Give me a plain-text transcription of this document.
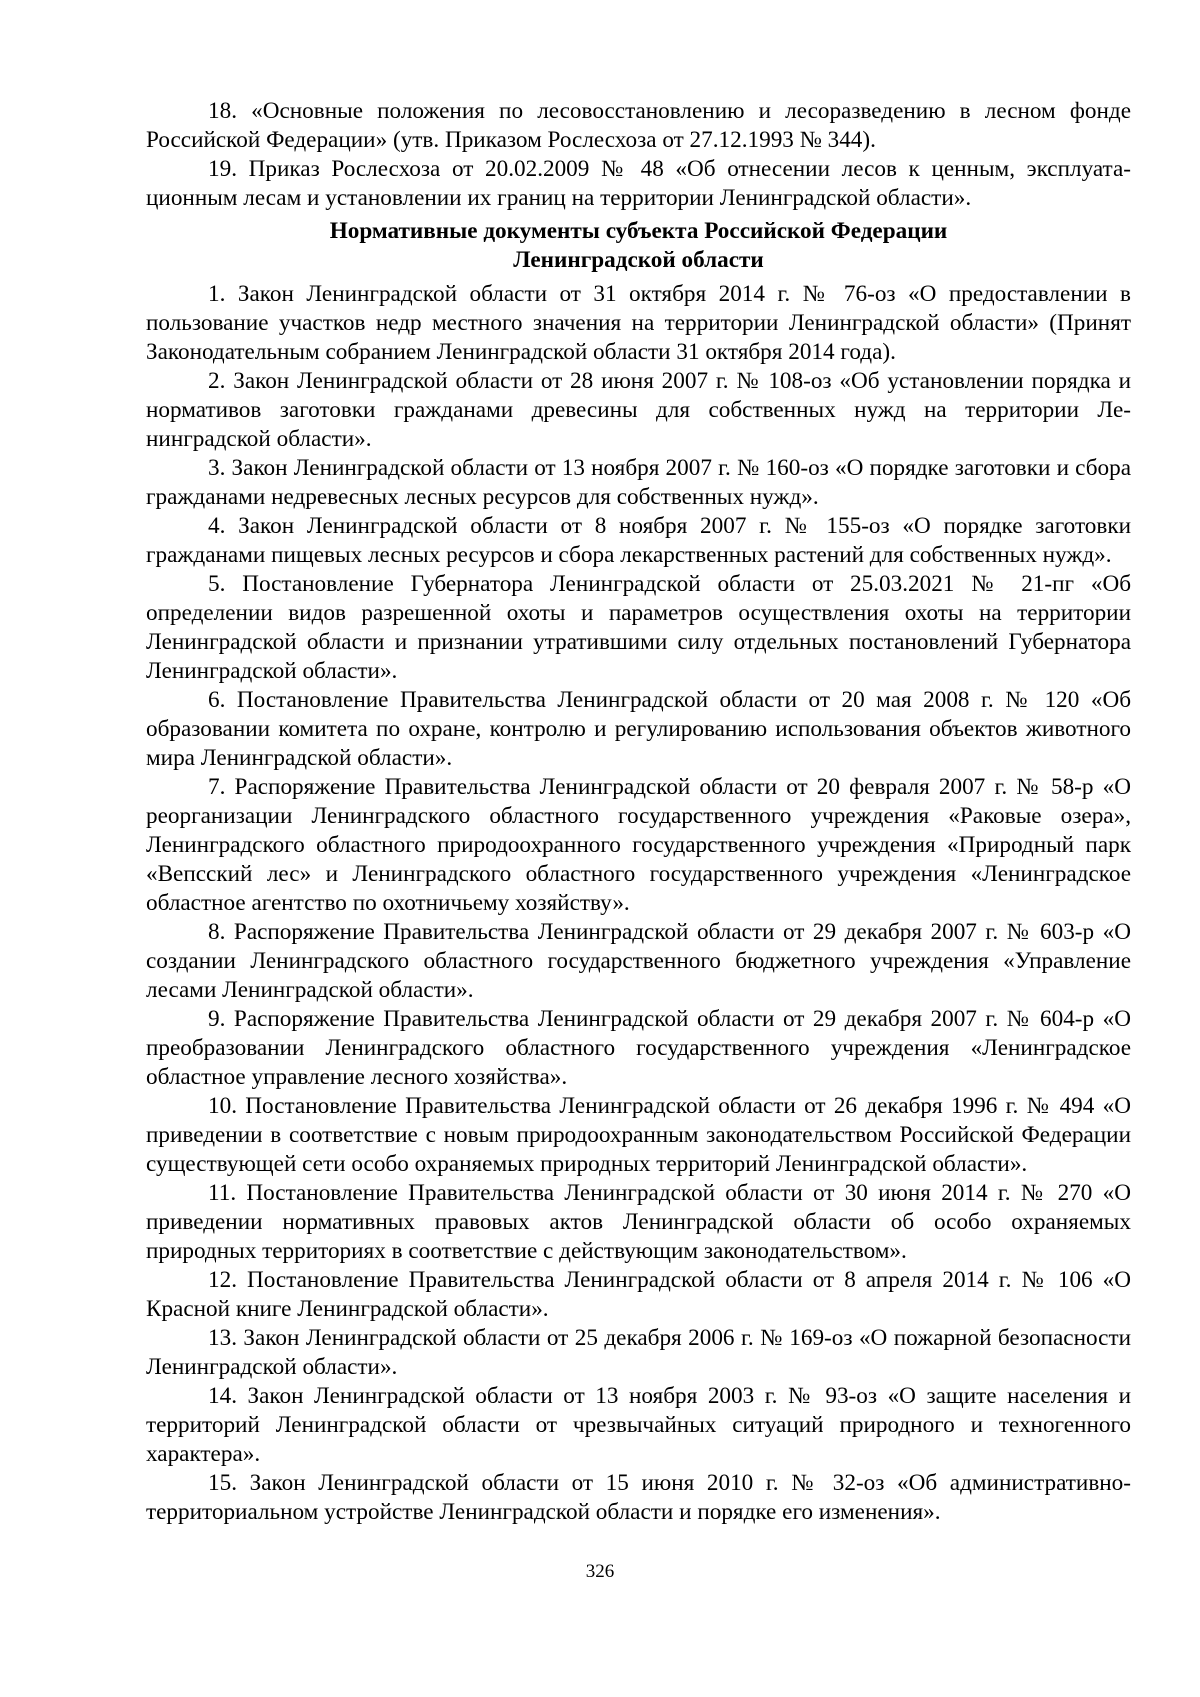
18. «Основные положения по лесовосстановлению и лесоразведению в лесном фонде Российской Федерации» (утв. Приказом Рослесхоза от 27.12.1993 № 344).

19. Приказ Рослесхоза от 20.02.2009 № 48 «Об отнесении лесов к ценным, эксплуатационным лесам и установлении их границ на территории Ленинградской области».

Нормативные документы субъекта Российской Федерации
Ленинградской области

1. Закон Ленинградской области от 31 октября 2014 г. № 76-оз «О предоставлении в пользование участков недр местного значения на территории Ленинградской области» (Принят Законодательным собранием Ленинградской области 31 октября 2014 года).

2. Закон Ленинградской области от 28 июня 2007 г. № 108-оз «Об установлении порядка и нормативов заготовки гражданами древесины для собственных нужд на территории Ленинградской области».

3. Закон Ленинградской области от 13 ноября 2007 г. № 160-оз «О порядке заготовки и сбора гражданами недревесных лесных ресурсов для собственных нужд».

4. Закон Ленинградской области от 8 ноября 2007 г. № 155-оз «О порядке заготовки гражданами пищевых лесных ресурсов и сбора лекарственных растений для собственных нужд».

5. Постановление Губернатора Ленинградской области от 25.03.2021 № 21-пг «Об определении видов разрешенной охоты и параметров осуществления охоты на территории Ленинградской области и признании утратившими силу отдельных постановлений Губернатора Ленинградской области».

6. Постановление Правительства Ленинградской области от 20 мая 2008 г. № 120 «Об образовании комитета по охране, контролю и регулированию использования объектов животного мира Ленинградской области».

7. Распоряжение Правительства Ленинградской области от 20 февраля 2007 г. № 58-р «О реорганизации Ленинградского областного государственного учреждения «Раковые озера», Ленинградского областного природоохранного государственного учреждения «Природный парк «Вепсский лес» и Ленинградского областного государственного учреждения «Ленинградское областное агентство по охотничьему хозяйству».

8. Распоряжение Правительства Ленинградской области от 29 декабря 2007 г. № 603-р «О создании Ленинградского областного государственного бюджетного учреждения «Управление лесами Ленинградской области».

9. Распоряжение Правительства Ленинградской области от 29 декабря 2007 г. № 604-р «О преобразовании Ленинградского областного государственного учреждения «Ленинградское областное управление лесного хозяйства».

10. Постановление Правительства Ленинградской области от 26 декабря 1996 г. № 494 «О приведении в соответствие с новым природоохранным законодательством Российской Федерации существующей сети особо охраняемых природных территорий Ленинградской области».

11. Постановление Правительства Ленинградской области от 30 июня 2014 г. № 270 «О приведении нормативных правовых актов Ленинградской области об особо охраняемых природных территориях в соответствие с действующим законодательством».

12. Постановление Правительства Ленинградской области от 8 апреля 2014 г. № 106 «О Красной книге Ленинградской области».

13. Закон Ленинградской области от 25 декабря 2006 г. № 169-оз «О пожарной безопасности Ленинградской области».

14. Закон Ленинградской области от 13 ноября 2003 г. № 93-оз «О защите населения и территорий Ленинградской области от чрезвычайных ситуаций природного и техногенного характера».

15. Закон Ленинградской области от 15 июня 2010 г. № 32-оз «Об административно-территориальном устройстве Ленинградской области и порядке его изменения».

326
